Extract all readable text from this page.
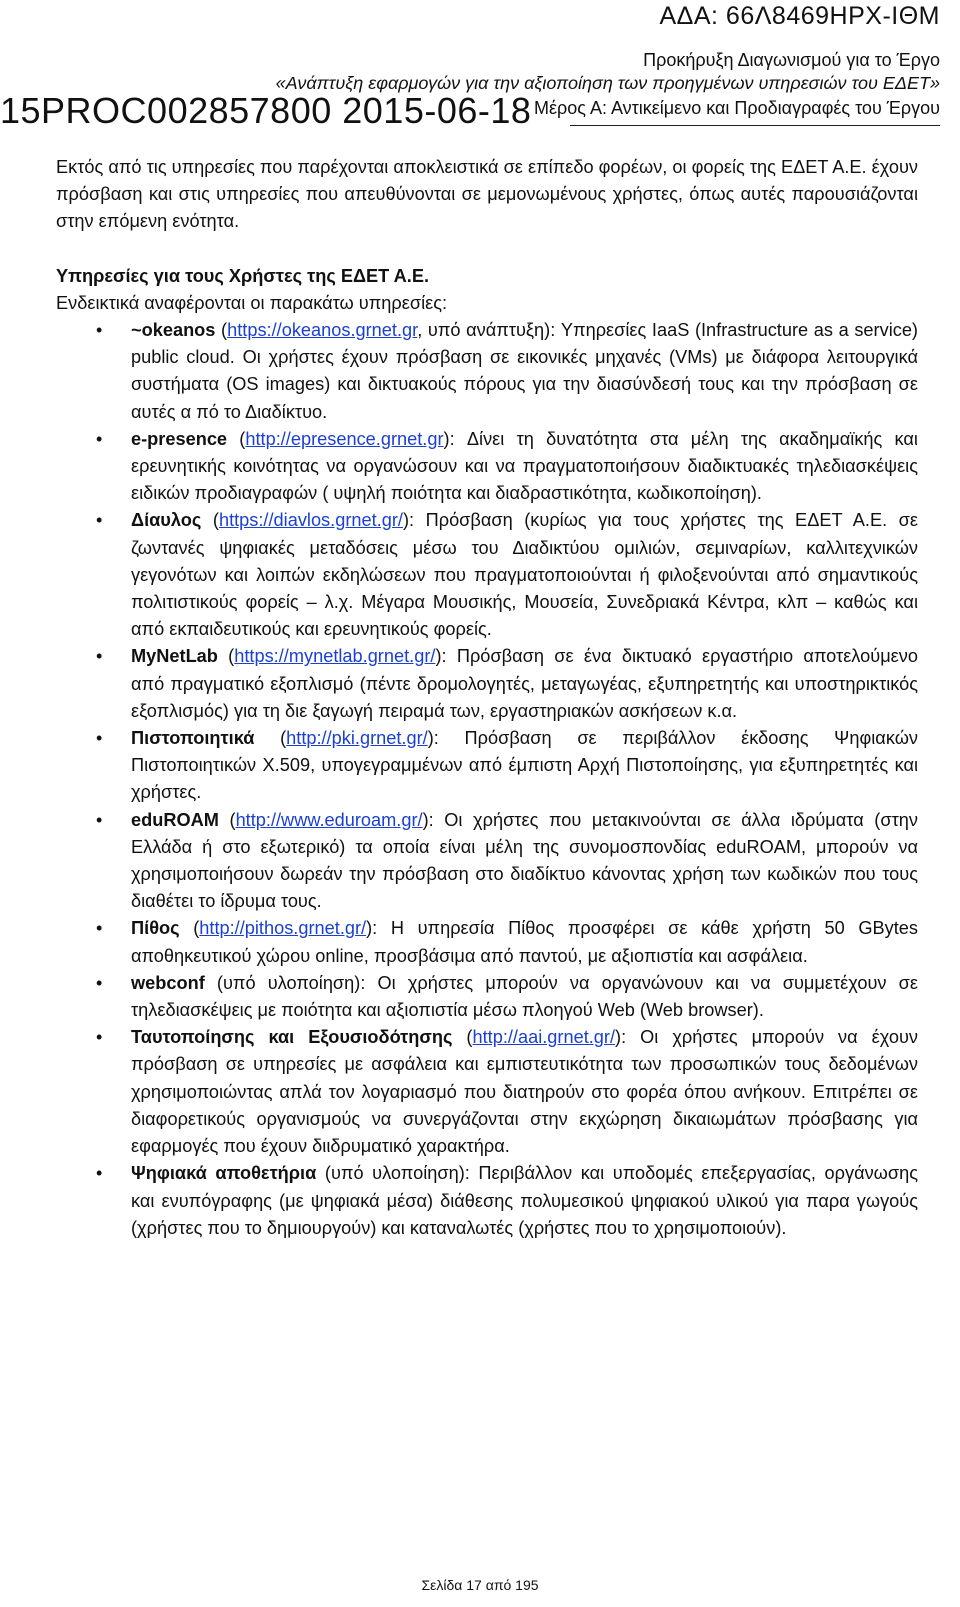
ΑΔΑ: 66Λ8469ΗΡΧ-ΙΘΜ
Προκήρυξη Διαγωνισμού για το Έργο
«Ανάπτυξη εφαρμογών για την αξιοποίηση των προηγμένων υπηρεσιών του ΕΔΕΤ»
Μέρος Α: Αντικείμενο και Προδιαγραφές του Έργου
15PROC002857800 2015-06-18
Εκτός από τις υπηρεσίες που παρέχονται αποκλειστικά σε επίπεδο φορέων, οι φορείς της ΕΔΕΤ Α.Ε. έχουν πρόσβαση και στις υπηρεσίες που απευθύνονται σε μεμονωμένους χρήστες, όπως αυτές παρουσιάζονται στην επόμενη ενότητα.
Υπηρεσίες για τους Χρήστες της ΕΔΕΤ Α.Ε.
Ενδεικτικά αναφέρονται οι παρακάτω υπηρεσίες:
• ~okeanos (https://okeanos.grnet.gr, υπό ανάπτυξη): Υπηρεσίες IaaS (Infrastructure as a service) public cloud. Οι χρήστες έχουν πρόσβαση σε εικονικές μηχανές (VMs) με διάφορα λειτουργικά συστήματα (OS images) και δικτυακούς πόρους για την διασύνδεσή τους και την πρόσβαση σε αυτές α πό το Διαδίκτυο.
• e-presence (http://epresence.grnet.gr): Δίνει τη δυνατότητα στα μέλη της ακαδημαϊκής και ερευνητικής κοινότητας να οργανώσουν και να πραγματοποιήσουν διαδικτυακές τηλεδιασκέψεις ειδικών προδιαγραφών ( υψηλή ποιότητα και διαδραστικότητα, κωδικοποίηση).
• Δίαυλος (https://diavlos.grnet.gr/): Πρόσβαση (κυρίως για τους χρήστες της ΕΔΕΤ Α.Ε. σε ζωντανές ψηφιακές μεταδόσεις μέσω του Διαδικτύου ομιλιών, σεμιναρίων, καλλιτεχνικών γεγονότων και λοιπών εκδηλώσεων που πραγματοποιούνται ή φιλοξενούνται από σημαντικούς πολιτιστικούς φορείς – λ.χ. Μέγαρα Μουσικής, Μουσεία, Συνεδριακά Κέντρα, κλπ – καθώς και από εκπαιδευτικούς και ερευνητικούς φορείς.
• MyNetLab (https://mynetlab.grnet.gr/): Πρόσβαση σε ένα δικτυακό εργαστήριο αποτελούμενο από πραγματικό εξοπλισμό (πέντε δρομολογητές, μεταγωγέας, εξυπηρετητής και υποστηρικτικός εξοπλισμός) για τη διε ξαγωγή πειραμά των, εργαστηριακών ασκήσεων κ.α.
• Πιστοποιητικά (http://pki.grnet.gr/): Πρόσβαση σε περιβάλλον έκδοσης Ψηφιακών Πιστοποιητικών X.509, υπογεγραμμένων από έμπιστη Αρχή Πιστοποίησης, για εξυπηρετητές και χρήστες.
• eduROAM (http://www.eduroam.gr/): Οι χρήστες που μετακινούνται σε άλλα ιδρύματα (στην Ελλάδα ή στο εξωτερικό) τα οποία είναι μέλη της συνομοσπονδίας eduROAM, μπορούν να χρησιμοποιήσουν δωρεάν την πρόσβαση στο διαδίκτυο κάνοντας χρήση των κωδικών που τους διαθέτει το ίδρυμα τους.
• Πίθος (http://pithos.grnet.gr/): Η υπηρεσία Πίθος προσφέρει σε κάθε χρήστη 50 GBytes αποθηκευτικού χώρου online, προσβάσιμα από παντού, με αξιοπιστία και ασφάλεια.
• webconf (υπό υλοποίηση): Οι χρήστες μπορούν να οργανώνουν και να συμμετέχουν σε τηλεδιασκέψεις με ποιότητα και αξιοπιστία μέσω πλοηγού Web (Web browser).
• Ταυτοποίησης και Εξουσιοδότησης (http://aai.grnet.gr/): Οι χρήστες μπορούν να έχουν πρόσβαση σε υπηρεσίες με ασφάλεια και εμπιστευτικότητα των προσωπικών τους δεδομένων χρησιμοποιώντας απλά τον λογαριασμό που διατηρούν στο φορέα όπου ανήκουν. Επιτρέπει σε διαφορετικούς οργανισμούς να συνεργάζονται στην εκχώρηση δικαιωμάτων πρόσβασης για εφαρμογές που έχουν διιδρυματικό χαρακτήρα.
• Ψηφιακά αποθετήρια (υπό υλοποίηση): Περιβάλλον και υποδομές επεξεργασίας, οργάνωσης και ενυπόγραφης (με ψηφιακά μέσα) διάθεσης πολυμεσικού ψηφιακού υλικού για παρα γωγούς (χρήστες που το δημιουργούν) και καταναλωτές (χρήστες που το χρησιμοποιούν).
Σελίδα 17 από 195
